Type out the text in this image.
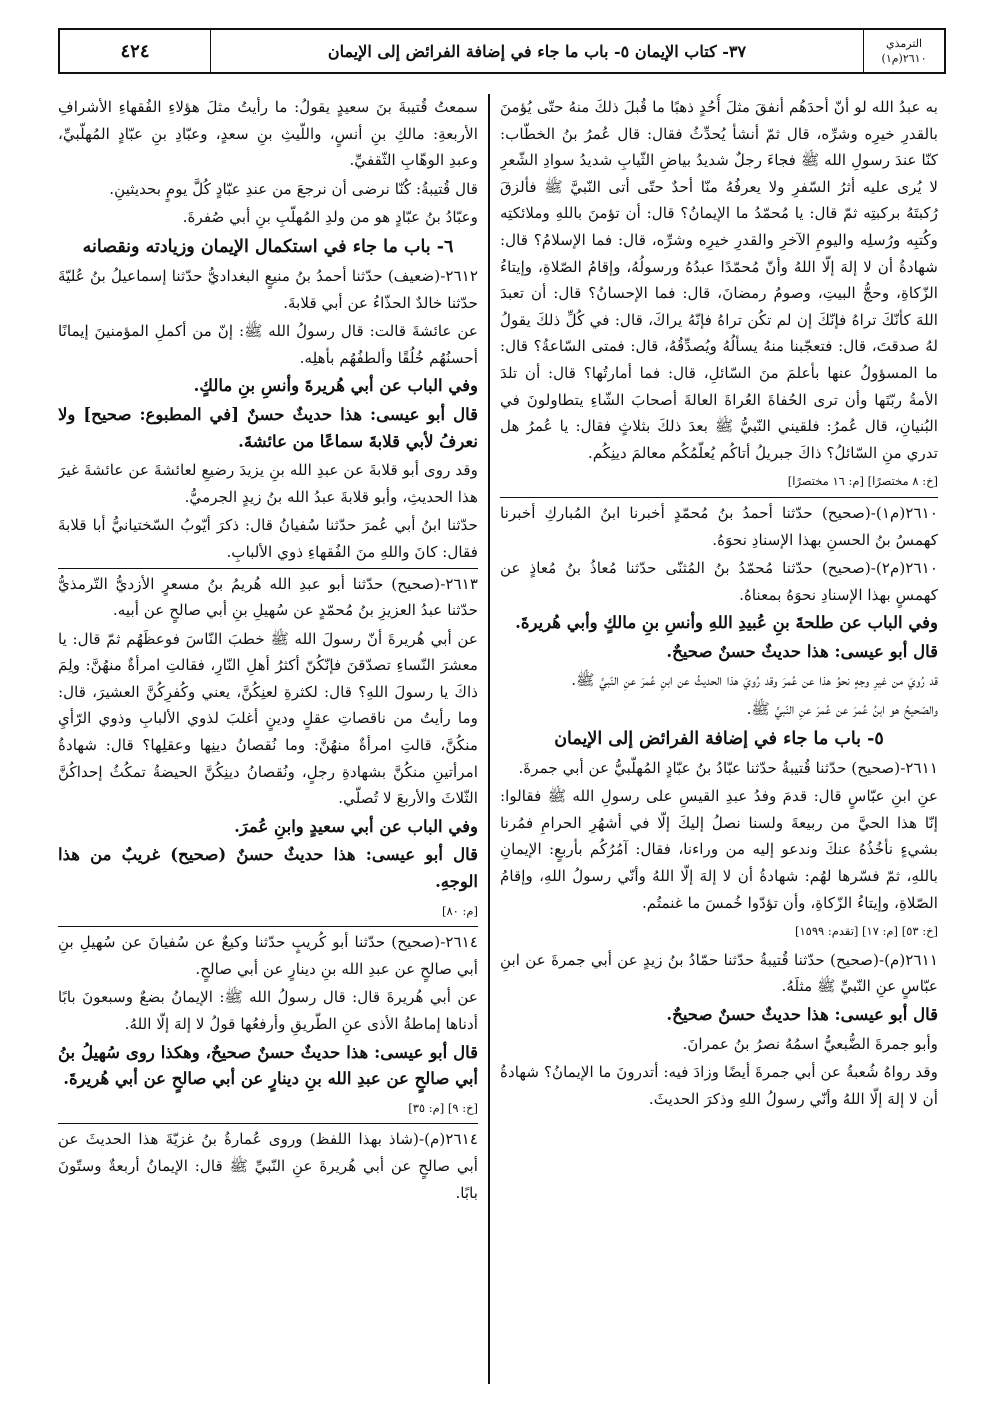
الترمذي
٢٦١٠(م١)
٣٧- كتاب الإيمان ٥- باب ما جاء في إضافة الفرائض إلى الإيمان
٤٢٤

به عبدُ الله لو أنّ أحدَهُم أنفقَ مثلَ أُحُدٍ ذهبًا ما قُبلَ ذلكَ منهُ حتّى يُؤمنَ بالقدرِ خيرِه وشرِّه، قال ثمّ أنشأ يُحدِّثُ فقال: قال عُمرُ بنُ الخطّاب: كنّا عندَ رسولِ الله ﷺ فجاءَ رجلٌ شديدُ بياضِ الثّيابِ شديدُ سوادِ الشّعرِ لا يُرى عليه أثرُ السّفرِ ولا يعرفُهُ منّا أحدٌ حتّى أتى النّبيَّ ﷺ فألزقَ رُكبتَهُ بركبتِه ثمّ قال: يا مُحمّدُ ما الإيمانُ؟ قال: أن تؤمنَ باللهِ وملائكتِه وكُتبِه ورُسلِه واليومِ الآخرِ والقدرِ خيرِه وشرِّه، قال: فما الإسلامُ؟ قال: شهادةُ أن لا إلهَ إلّا اللهُ وأنّ مُحمّدًا عبدُهُ ورسولُهُ، وإقامُ الصّلاةِ، وإيتاءُ الزّكاةِ، وحجُّ البيتِ، وصومُ رمضانَ، قال: فما الإحسانُ؟ قال: أن تعبدَ اللهَ كأنّكَ تراهُ فإنّكَ إن لم تكُن تراهُ فإنّهُ يراكَ، قال: في كُلِّ ذلكَ يقولُ لهُ صدقتَ، قال: فتعجّبنا منهُ يسألُهُ ويُصدِّقُهُ، قال: فمتى السّاعةُ؟ قال: ما المسؤولُ عنها بأعلمَ منَ السّائلِ، قال: فما أمارتُها؟ قال: أن تلدَ الأمةُ ربّتَها وأن ترى الحُفاةَ العُراةَ العالةَ أصحابَ الشّاءِ يتطاولونَ في البُنيانِ، قال عُمرُ: فلقيني النّبيُّ ﷺ بعدَ ذلكَ بثلاثٍ فقال: يا عُمرُ هل تدري منِ السّائلُ؟ ذاكَ جبريلُ أتاكُم يُعلّمُكُم معالمَ دينِكُم.

[خ: ٨ مختصرًا] [م: ١٦ مختصرًا]

٢٦١٠(م١)-(صحيح) حدّثنا أحمدُ بنُ مُحمّدٍ أخبرنا ابنُ المُباركِ أخبرنا كهمسُ بنُ الحسنِ بهذا الإسنادِ نحوَهُ.

٢٦١٠(م٢)-(صحيح) حدّثنا مُحمّدُ بنُ المُثنّى حدّثنا مُعاذُ بنُ مُعاذٍ عن كهمسٍ بهذا الإسنادِ نحوَهُ بمعناهُ.

وفي الباب عن طلحةَ بنِ عُبيدِ اللهِ وأنسِ بنِ مالكٍ وأبي هُريرةَ.

قال أبو عيسى: هذا حديثٌ حسنٌ صحيحٌ.

قد رُويَ من غيرِ وجهٍ نحوُ هذا عن عُمرَ وقد رُويَ هذا الحديثُ عن ابنِ عُمرَ عنِ النّبيِّ ﷺ.

والصّحيحُ هو ابنُ عُمرَ عن عُمرَ عنِ النّبيِّ ﷺ.

٥- باب ما جاء في إضافة الفرائض إلى الإيمان

٢٦١١-(صحيح) حدّثنا قُتيبةُ حدّثنا عبّادُ بنُ عبّادٍ المُهلّبيُّ عن أبي جمرةَ.

عنِ ابنِ عبّاسٍ قال: قدمَ وفدُ عبدِ القيسِ على رسولِ الله ﷺ فقالوا: إنّا هذا الحيَّ من ربيعةَ ولسنا نصلُ إليكَ إلّا في أشهُرِ الحرامِ فمُرنا بشيءٍ نأخُذُهُ عنكَ وندعو إليه من وراءنا، فقال: آمُرُكُم بأربعٍ: الإيمانِ باللهِ، ثمّ فسّرها لهُم: شهادةُ أن لا إلهَ إلّا اللهُ وأنّي رسولُ اللهِ، وإقامُ الصّلاةِ، وإيتاءُ الزّكاةِ، وأن تؤدّوا خُمسَ ما غنمتُم.

[خ: ٥٣] [م: ١٧] [تقدم: ١٥٩٩]

٢٦١١(م)-(صحيح) حدّثنا قُتيبةُ حدّثنا حمّادُ بنُ زيدٍ عن أبي جمرةَ عن ابنِ عبّاسٍ عنِ النّبيِّ ﷺ مثلَهُ.

قال أبو عيسى: هذا حديثٌ حسنٌ صحيحٌ.

وأبو جمرةَ الضُّبعيُّ اسمُهُ نصرُ بنُ عمرانَ.

وقد رواهُ شُعبةُ عن أبي جمرةَ أيضًا وزادَ فيه: أتدرونَ ما الإيمانُ؟ شهادةُ أن لا إلهَ إلّا اللهُ وأنّي رسولُ اللهِ وذكرَ الحديثَ.

سمعتُ قُتيبةَ بنَ سعيدٍ يقولُ: ما رأيتُ مثلَ هؤلاءِ الفُقهاءِ الأشرافِ الأربعةِ: مالكِ بنِ أنسٍ، واللّيثِ بنِ سعدٍ، وعبّادِ بنِ عبّادٍ المُهلّبيِّ، وعبدِ الوهّابِ الثّقفيِّ.

قال قُتيبةُ: كُنّا نرضى أن نرجعَ من عندِ عبّادٍ كُلَّ يومٍ بحديثينِ.

وعبّادُ بنُ عبّادٍ هو من ولدِ المُهلّبِ بنِ أبي صُفرةَ.

٦- باب ما جاء في استكمال الإيمان وزيادته ونقصانه

٢٦١٢-(ضعيف) حدّثنا أحمدُ بنُ منيعٍ البغداديُّ حدّثنا إسماعيلُ بنُ عُليّةَ حدّثنا خالدٌ الحذّاءُ عن أبي قلابةَ.

عن عائشةَ قالت: قال رسولُ الله ﷺ: إنّ من أكملِ المؤمنينَ إيمانًا أحسنُهُم خُلُقًا وألطفُهُم بأهلِه.

وفي الباب عن أبي هُريرةَ وأنسِ بنِ مالكٍ.

قال أبو عيسى: هذا حديثٌ حسنٌ [في المطبوع: صحيح] ولا نعرفُ لأبي قلابةَ سماعًا من عائشةَ.

وقد روى أبو قلابةَ عن عبدِ الله بنِ يزيدَ رضيعِ لعائشةَ عن عائشةَ غيرَ هذا الحديثِ، وأبو قلابةَ عبدُ الله بنُ زيدٍ الجرميُّ.

حدّثنا ابنُ أبي عُمرَ حدّثنا سُفيانُ قال: ذكرَ أيّوبُ السّختيانيُّ أبا قلابةَ فقال: كانَ واللهِ منَ الفُقهاءِ ذوي الألبابِ.

٢٦١٣-(صحيح) حدّثنا أبو عبدِ الله هُريمُ بنُ مسعرٍ الأزديُّ التّرمذيُّ حدّثنا عبدُ العزيزِ بنُ مُحمّدٍ عن سُهيلِ بنِ أبي صالحٍ عن أبيه.

عن أبي هُريرةَ أنّ رسولَ الله ﷺ خطبَ النّاسَ فوعظَهُم ثمّ قال: يا معشرَ النّساءِ تصدّقنَ فإنّكُنّ أكثرُ أهلِ النّارِ، فقالتِ امرأةٌ منهُنَّ: ولِمَ ذاكَ يا رسولَ اللهِ؟ قال: لكثرةِ لعنِكُنَّ، يعني وكُفرِكُنَّ العشيرَ، قال: وما رأيتُ من ناقصاتِ عقلٍ ودينٍ أغلبَ لذوي الألبابِ وذوي الرّأيِ منكُنَّ، قالتِ امرأةٌ منهُنَّ: وما نُقصانُ دينِها وعقلِها؟ قال: شهادةُ امرأتينِ منكُنَّ بشهادةِ رجلٍ، ونُقصانُ دينِكُنَّ الحيضةُ تمكُثُ إحداكُنَّ الثّلاثَ والأربعَ لا تُصلّي.

وفي الباب عن أبي سعيدٍ وابنِ عُمرَ.

قال أبو عيسى: هذا حديثٌ حسنٌ (صحيح) غريبٌ من هذا الوجهِ.

[م: ٨٠]

٢٦١٤-(صحيح) حدّثنا أبو كُريبٍ حدّثنا وكيعٌ عن سُفيانَ عن سُهيلِ بنِ أبي صالحٍ عن عبدِ الله بنِ دينارٍ عن أبي صالحٍ.

عن أبي هُريرةَ قال: قال رسولُ الله ﷺ: الإيمانُ بضعٌ وسبعونَ بابًا أدناها إماطةُ الأذى عنِ الطّريقِ وأرفعُها قولُ لا إلهَ إلّا اللهُ.

قال أبو عيسى: هذا حديثٌ حسنٌ صحيحٌ، وهكذا روى سُهيلُ بنُ أبي صالحٍ عن عبدِ الله بنِ دينارٍ عن أبي صالحٍ عن أبي هُريرةَ.

[خ: ٩] [م: ٣٥]

٢٦١٤(م)-(شاذ بهذا اللفظ) وروى عُمارةُ بنُ غزيّةَ هذا الحديثَ عن أبي صالحٍ عن أبي هُريرةَ عنِ النّبيِّ ﷺ قال: الإيمانُ أربعةٌ وستّونَ بابًا.
